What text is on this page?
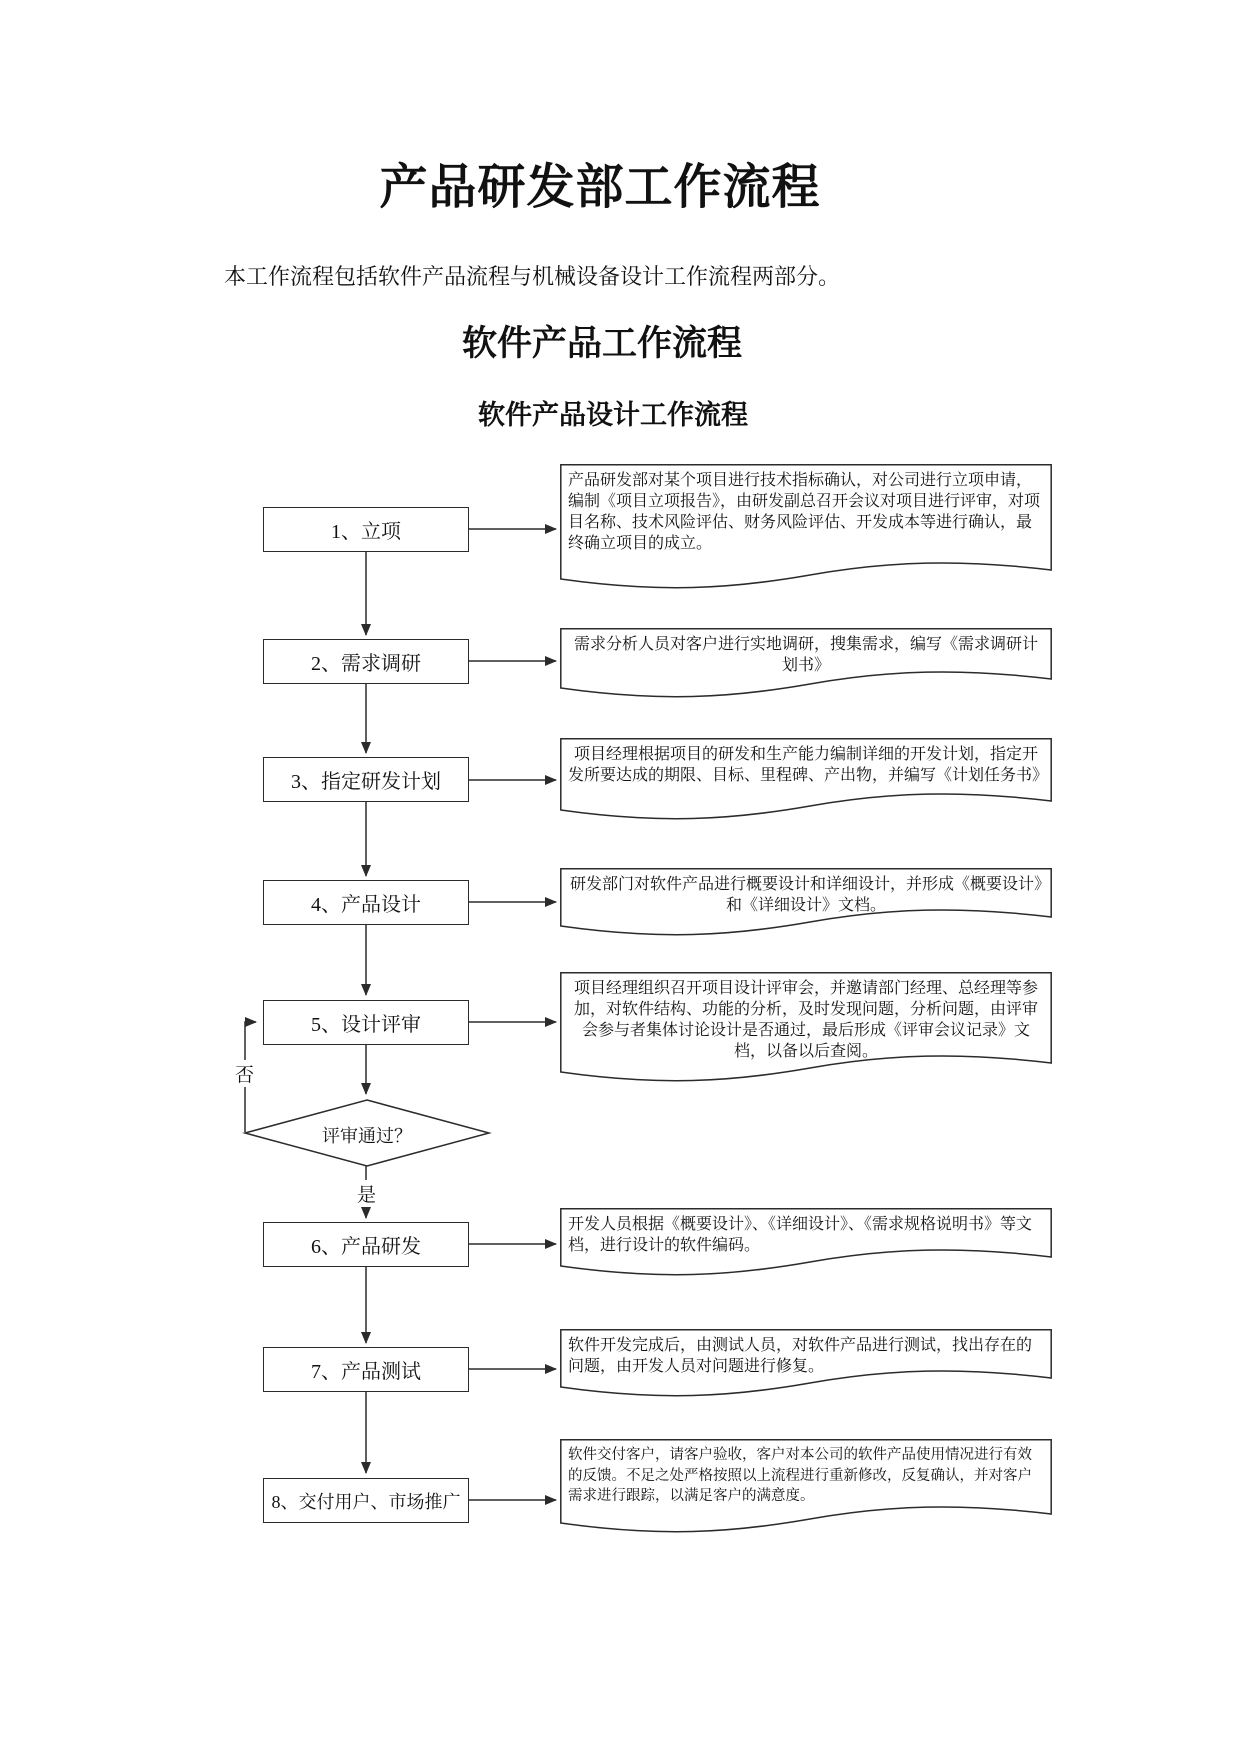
产品研发部工作流程
本工作流程包括软件产品流程与机械设备设计工作流程两部分。
软件产品工作流程
软件产品设计工作流程
1、立项
2、需求调研
3、指定研发计划
4、产品设计
5、设计评审
6、产品研发
7、产品测试
8、交付用户、市场推广
评审通过？
否
是
产品研发部对某个项目进行技术指标确认，对公司进行立项申请，编制《项目立项报告》，由研发副总召开会议对项目进行评审，对项目名称、技术风险评估、财务风险评估、开发成本等进行确认，最终确立项目的成立。
需求分析人员对客户进行实地调研，搜集需求，编写《需求调研计划书》
项目经理根据项目的研发和生产能力编制详细的开发计划，指定开发所要达成的期限、目标、里程碑、产出物，并编写《计划任务书》
研发部门对软件产品进行概要设计和详细设计，并形成《概要设计》和《详细设计》文档。
项目经理组织召开项目设计评审会，并邀请部门经理、总经理等参加，对软件结构、功能的分析，及时发现问题，分析问题，由评审会参与者集体讨论设计是否通过，最后形成《评审会议记录》文档，以备以后查阅。
开发人员根据《概要设计》、《详细设计》、《需求规格说明书》等文档，进行设计的软件编码。
软件开发完成后，由测试人员，对软件产品进行测试，找出存在的问题，由开发人员对问题进行修复。
软件交付客户，请客户验收，客户对本公司的软件产品使用情况进行有效的反馈。不足之处严格按照以上流程进行重新修改，反复确认，并对客户需求进行跟踪，以满足客户的满意度。
